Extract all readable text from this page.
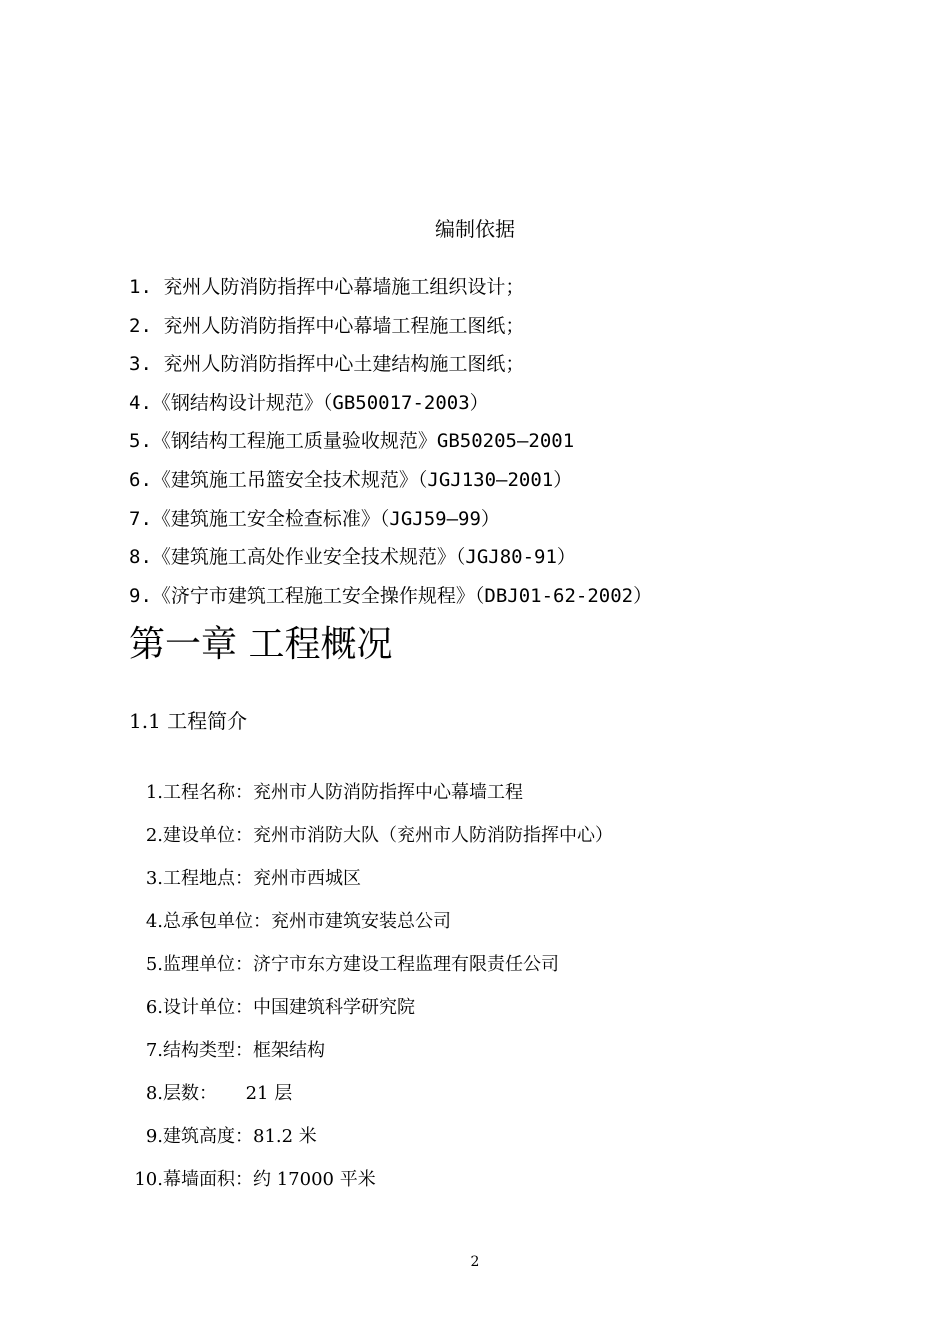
编制依据
1. 兖州人防消防指挥中心幕墙施工组织设计；
2. 兖州人防消防指挥中心幕墙工程施工图纸；
3. 兖州人防消防指挥中心土建结构施工图纸；
4.《钢结构设计规范》（GB50017-2003）
5.《钢结构工程施工质量验收规范》GB50205—2001
6.《建筑施工吊篮安全技术规范》（JGJ130—2001）
7.《建筑施工安全检查标准》（JGJ59—99）
8.《建筑施工高处作业安全技术规范》（JGJ80-91）
9.《济宁市建筑工程施工安全操作规程》（DBJ01-62-2002）
第一章 工程概况
1.1 工程简介
1. 工程名称：兖州市人防消防指挥中心幕墙工程
2. 建设单位：兖州市消防大队（兖州市人防消防指挥中心）
3. 工程地点：兖州市西城区
4. 总承包单位：兖州市建筑安装总公司
5. 监理单位：济宁市东方建设工程监理有限责任公司
6. 设计单位：中国建筑科学研究院
7. 结构类型：框架结构
8. 层数：     21 层
9. 建筑高度：81.2 米
10. 幕墙面积：约 17000 平米
2
